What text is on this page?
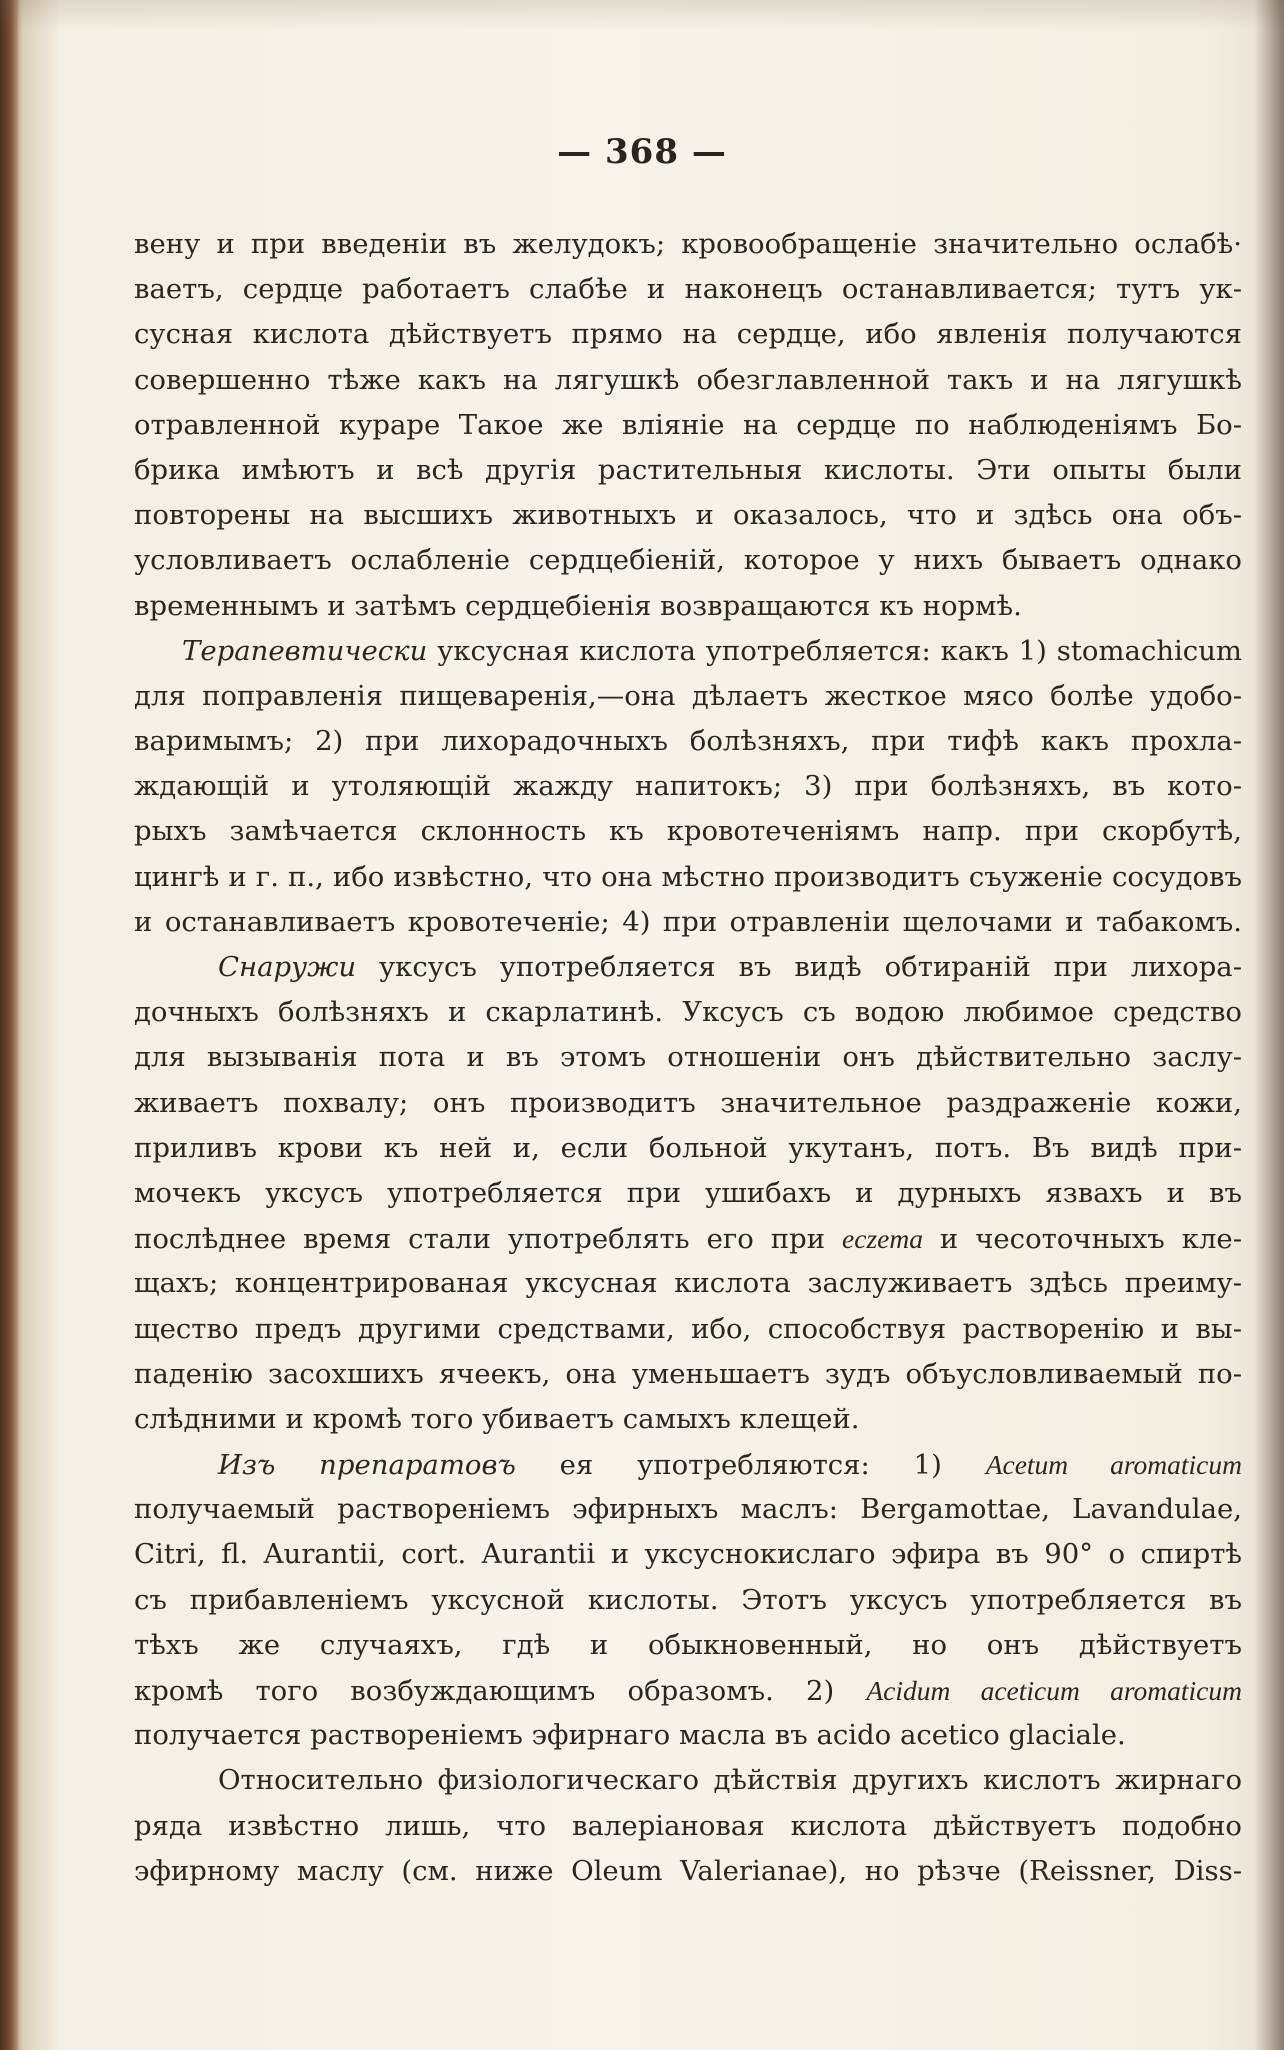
— 368 —
вену и при введеніи въ желудокъ; кровообращеніе значительно ослабѣ·
ваетъ, сердце работаетъ слабѣе и наконецъ останавливается; тутъ ук-
сусная кислота дѣйствуетъ прямо на сердце, ибо явленія получаются
совершенно тѣже какъ на лягушкѣ обезглавленной такъ и на лягушкѣ
отравленной кураре Такое же вліяніе на сердце по наблюденіямъ Бо-
брика имѣютъ и всѣ другія растительныя кислоты. Эти опыты были
повторены на высшихъ животныхъ и оказалось, что и здѣсь она объ-
условливаетъ ослабленіе сердцебіеній, которое у нихъ бываетъ однако
временнымъ и затѣмъ сердцебіенія возвращаются къ нормѣ.
Терапевтически уксусная кислота употребляется: какъ 1) stomachicum
для поправленія пищеваренія,—она дѣлаетъ жесткое мясо болѣе удобо-
варимымъ; 2) при лихорадочныхъ болѣзняхъ, при тифѣ какъ прохла-
ждающій и утоляющій жажду напитокъ; 3) при болѣзняхъ, въ кото-
рыхъ замѣчается склонность къ кровотеченіямъ напр. при скорбутѣ,
цингѣ и г. п., ибо извѣстно, что она мѣстно производитъ съуженіе сосудовъ
и останавливаетъ кровотеченіе; 4) при отравленіи щелочами и табакомъ.
Снаружи уксусъ употребляется въ видѣ обтираній при лихора-
дочныхъ болѣзняхъ и скарлатинѣ. Уксусъ съ водою любимое средство
для вызыванія пота и въ этомъ отношеніи онъ дѣйствительно заслу-
живаетъ похвалу; онъ производитъ значительное раздраженіе кожи,
приливъ крови къ ней и, если больной укутанъ, потъ. Въ видѣ при-
мочекъ уксусъ употребляется при ушибахъ и дурныхъ язвахъ и въ
послѣднее время стали употреблять его при eczema и чесоточныхъ кле-
щахъ; концентрированая уксусная кислота заслуживаетъ здѣсь преиму-
щество предъ другими средствами, ибо, способствуя растворенію и вы-
паденію засохшихъ ячеекъ, она уменьшаетъ зудъ объусловливаемый по-
слѣдними и кромѣ того убиваетъ самыхъ клещей.
Изъ препаратовъ ея употребляются: 1) Acetum aromaticum
получаемый раствореніемъ эфирныхъ маслъ: Bergamottae, Lavandulae,
Citri, fl. Aurantii, cort. Aurantii и уксуснокислаго эфира въ 90° о спиртѣ
съ прибавленіемъ уксусной кислоты. Этотъ уксусъ употребляется въ
тѣхъ же случаяхъ, гдѣ и обыкновенный, но онъ дѣйствуетъ
кромѣ того возбуждающимъ образомъ. 2) Acidum aceticum aromaticum
получается раствореніемъ эфирнаго масла въ acido acetico glaciale.
Относительно физіологическаго дѣйствія другихъ кислотъ жирнаго
ряда извѣстно лишь, что валеріановая кислота дѣйствуетъ подобно
эфирному маслу (см. ниже Oleum Valerianae), но рѣзче (Reissner, Diss-
